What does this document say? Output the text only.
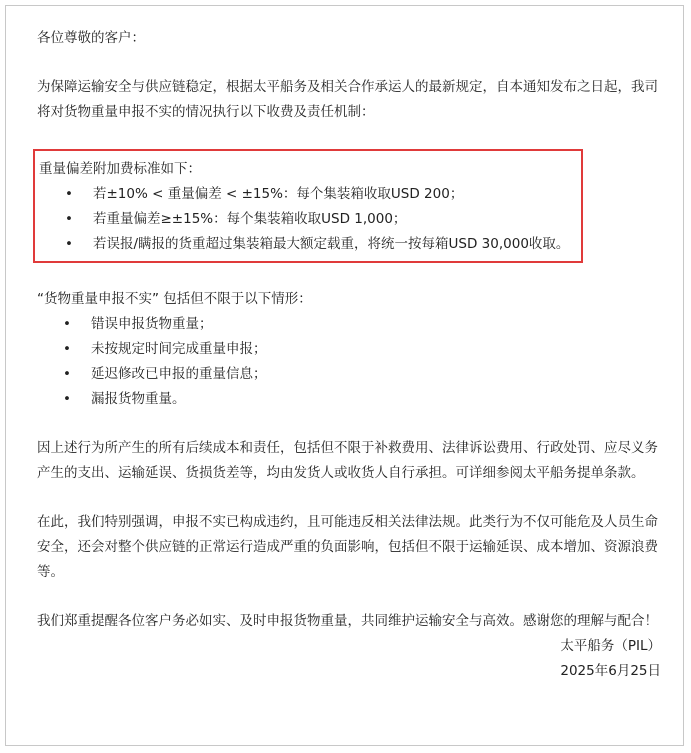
各位尊敬的客户：

为保障运输安全与供应链稳定，根据太平船务及相关合作承运人的最新规定，自本通知发布之日起，我司将对货物重量申报不实的情况执行以下收费及责任机制：

重量偏差附加费标准如下：

• 若±10% < 重量偏差 < ±15%：每个集装箱收取USD 200；
• 若重量偏差≥±15%：每个集装箱收取USD 1,000；
• 若误报/瞒报的货重超过集装箱最大额定载重，将统一按每箱USD 30,000收取。

“货物重量申报不实” 包括但不限于以下情形：

• 错误申报货物重量；
• 未按规定时间完成重量申报；
• 延迟修改已申报的重量信息；
• 漏报货物重量。

因上述行为所产生的所有后续成本和责任，包括但不限于补救费用、法律诉讼费用、行政处罚、应尽义务产生的支出、运输延误、货损货差等，均由发货人或收货人自行承担。可详细参阅太平船务提单条款。

在此，我们特别强调，申报不实已构成违约，且可能违反相关法律法规。此类行为不仅可能危及人员生命安全，还会对整个供应链的正常运行造成严重的负面影响，包括但不限于运输延误、成本增加、资源浪费等。

我们郑重提醒各位客户务必如实、及时申报货物重量，共同维护运输安全与高效。感谢您的理解与配合！

太平船务（PIL）

2025年6月25日
